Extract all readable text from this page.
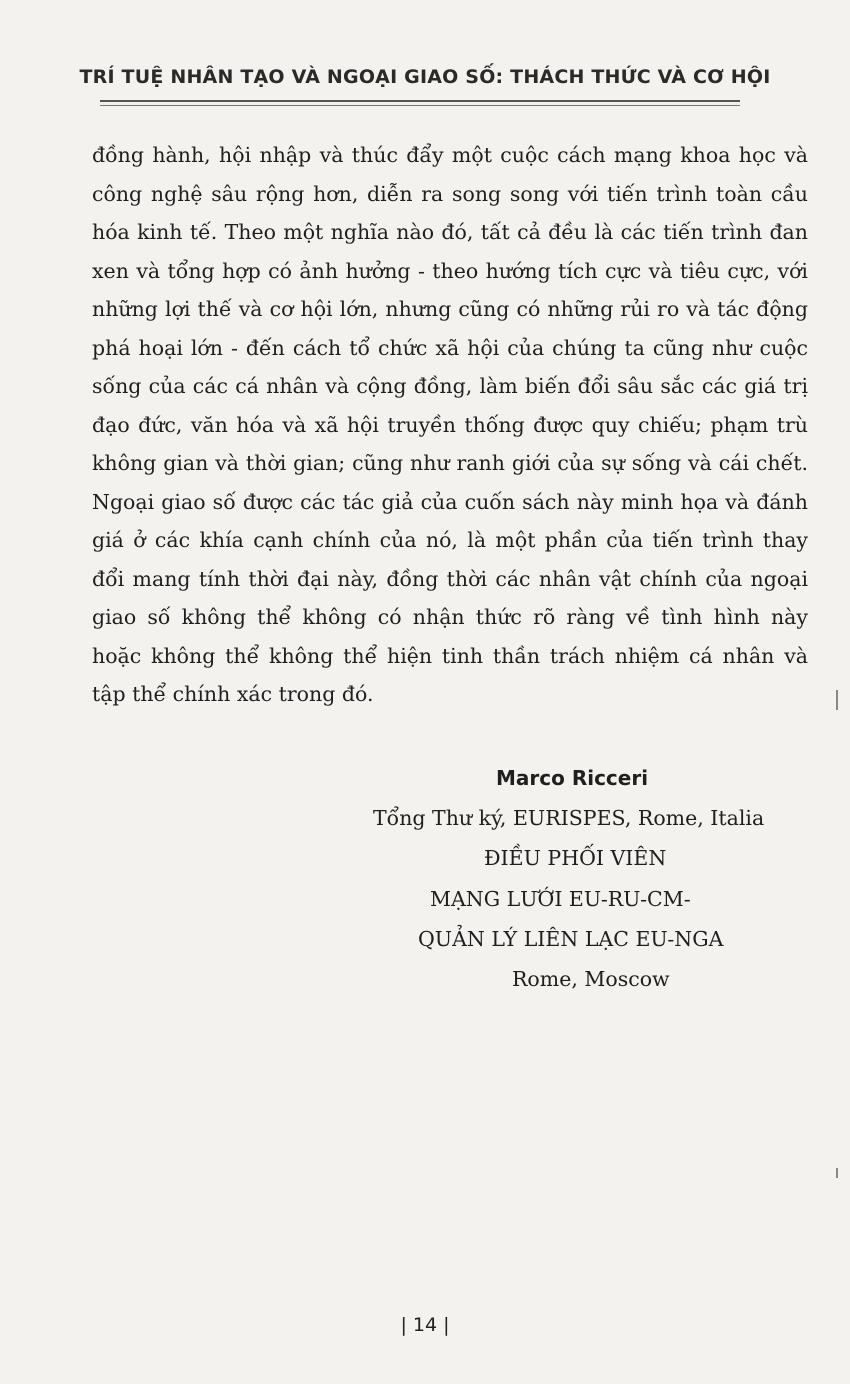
TRÍ TUỆ NHÂN TẠO VÀ NGOẠI GIAO SỐ: THÁCH THỨC VÀ CƠ HỘI
đồng hành, hội nhập và thúc đẩy một cuộc cách mạng khoa học và
công nghệ sâu rộng hơn, diễn ra song song với tiến trình toàn cầu
hóa kinh tế. Theo một nghĩa nào đó, tất cả đều là các tiến trình đan
xen và tổng hợp có ảnh hưởng - theo hướng tích cực và tiêu cực, với
những lợi thế và cơ hội lớn, nhưng cũng có những rủi ro và tác động
phá hoại lớn - đến cách tổ chức xã hội của chúng ta cũng như cuộc
sống của các cá nhân và cộng đồng, làm biến đổi sâu sắc các giá trị
đạo đức, văn hóa và xã hội truyền thống được quy chiếu; phạm trù
không gian và thời gian; cũng như ranh giới của sự sống và cái chết.
Ngoại giao số được các tác giả của cuốn sách này minh họa và đánh
giá ở các khía cạnh chính của nó, là một phần của tiến trình thay
đổi mang tính thời đại này, đồng thời các nhân vật chính của ngoại
giao số không thể không có nhận thức rõ ràng về tình hình này
hoặc không thể không thể hiện tinh thần trách nhiệm cá nhân và
tập thể chính xác trong đó.
Marco Ricceri
Tổng Thư ký, EURISPES, Rome, Italia
ĐIỀU PHỐI VIÊN
MẠNG LƯỚI EU-RU-CM-
QUẢN LÝ LIÊN LẠC EU-NGA
Rome, Moscow
| 14 |
